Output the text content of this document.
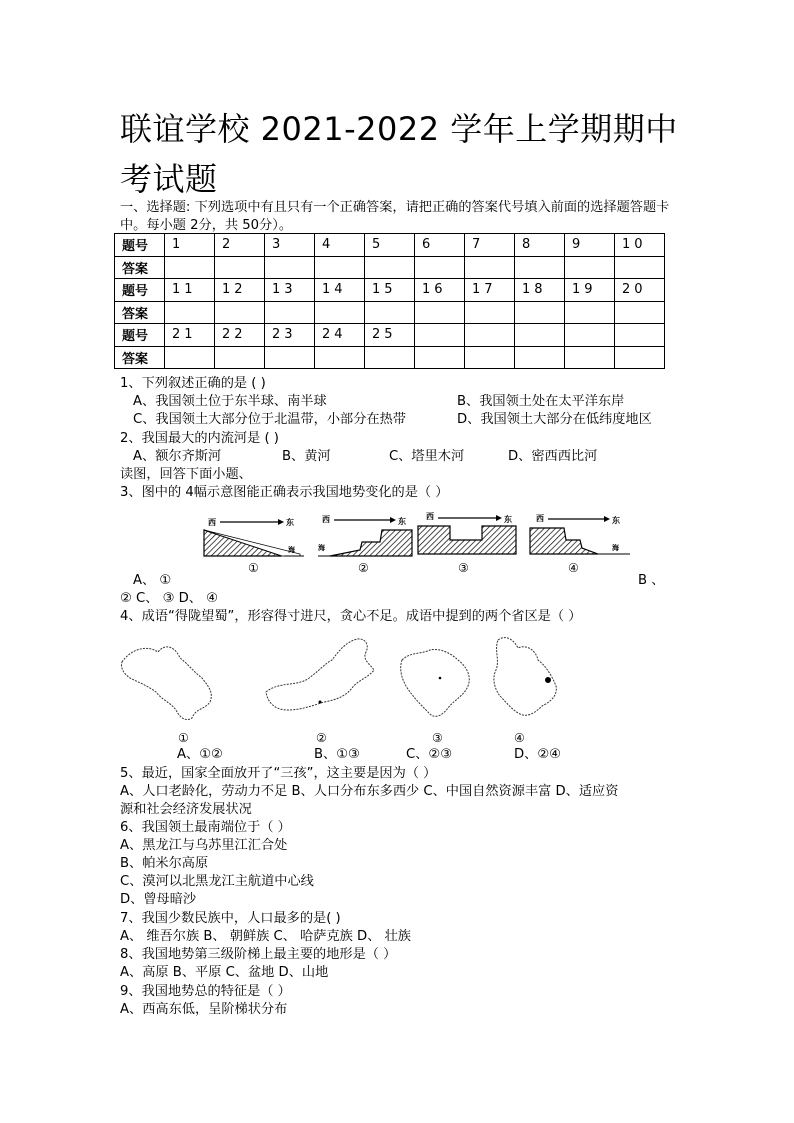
联谊学校 2021-2022 学年上学期期中考试题
一、选择题: 下列选项中有且只有一个正确答案，请把正确的答案代号填入前面的选择题答题卡中。每小题 2分，共 50分）。
题号	1	2	3	4	5	6	7	8	9	10
答案										
题号	11	12	13	14	15	16	17	18	19	20
答案										
题号	21	22	23	24	25					
答案										
1、下列叙述正确的是 ( )
A、我国领土位于东半球、南半球	B、我国领土处在太平洋东岸
C、我国领土大部分位于北温带，小部分在热带	D、我国领土大部分在低纬度地区
2、我国最大的内流河是 ( )
A、额尔齐斯河	B、黄河	C、塔里木河	D、密西西比河
读图，回答下面小题、
3、图中的 4幅示意图能正确表示我国地势变化的是（ ）
西	东
海
西	东
海
西	东	西	东
海
①	②	③	④
A、 ①	B 、
② C、 ③ D、 ④
4、成语“得陇望蜀”，形容得寸进尺，贪心不足。成语中提到的两个省区是（ ）
①	②	③	④
A、①②	B、①③	C、②③	D、②④
5、最近，国家全面放开了“三孩”，这主要是因为（ ）
A、人口老龄化，劳动力不足 B、人口分布东多西少 C、中国自然资源丰富 D、适应资
源和社会经济发展状况
6、我国领土最南端位于（ ）
A、黑龙江与乌苏里江汇合处
B、帕米尔高原
C、漠河以北黑龙江主航道中心线
D、曾母暗沙
7、我国少数民族中，人口最多的是( )
A、 维吾尔族 B、 朝鲜族 C、 哈萨克族 D、 壮族
8、我国地势第三级阶梯上最主要的地形是（ ）
A、高原 B、平原 C、盆地 D、山地
9、我国地势总的特征是（ ）
A、西高东低，呈阶梯状分布
